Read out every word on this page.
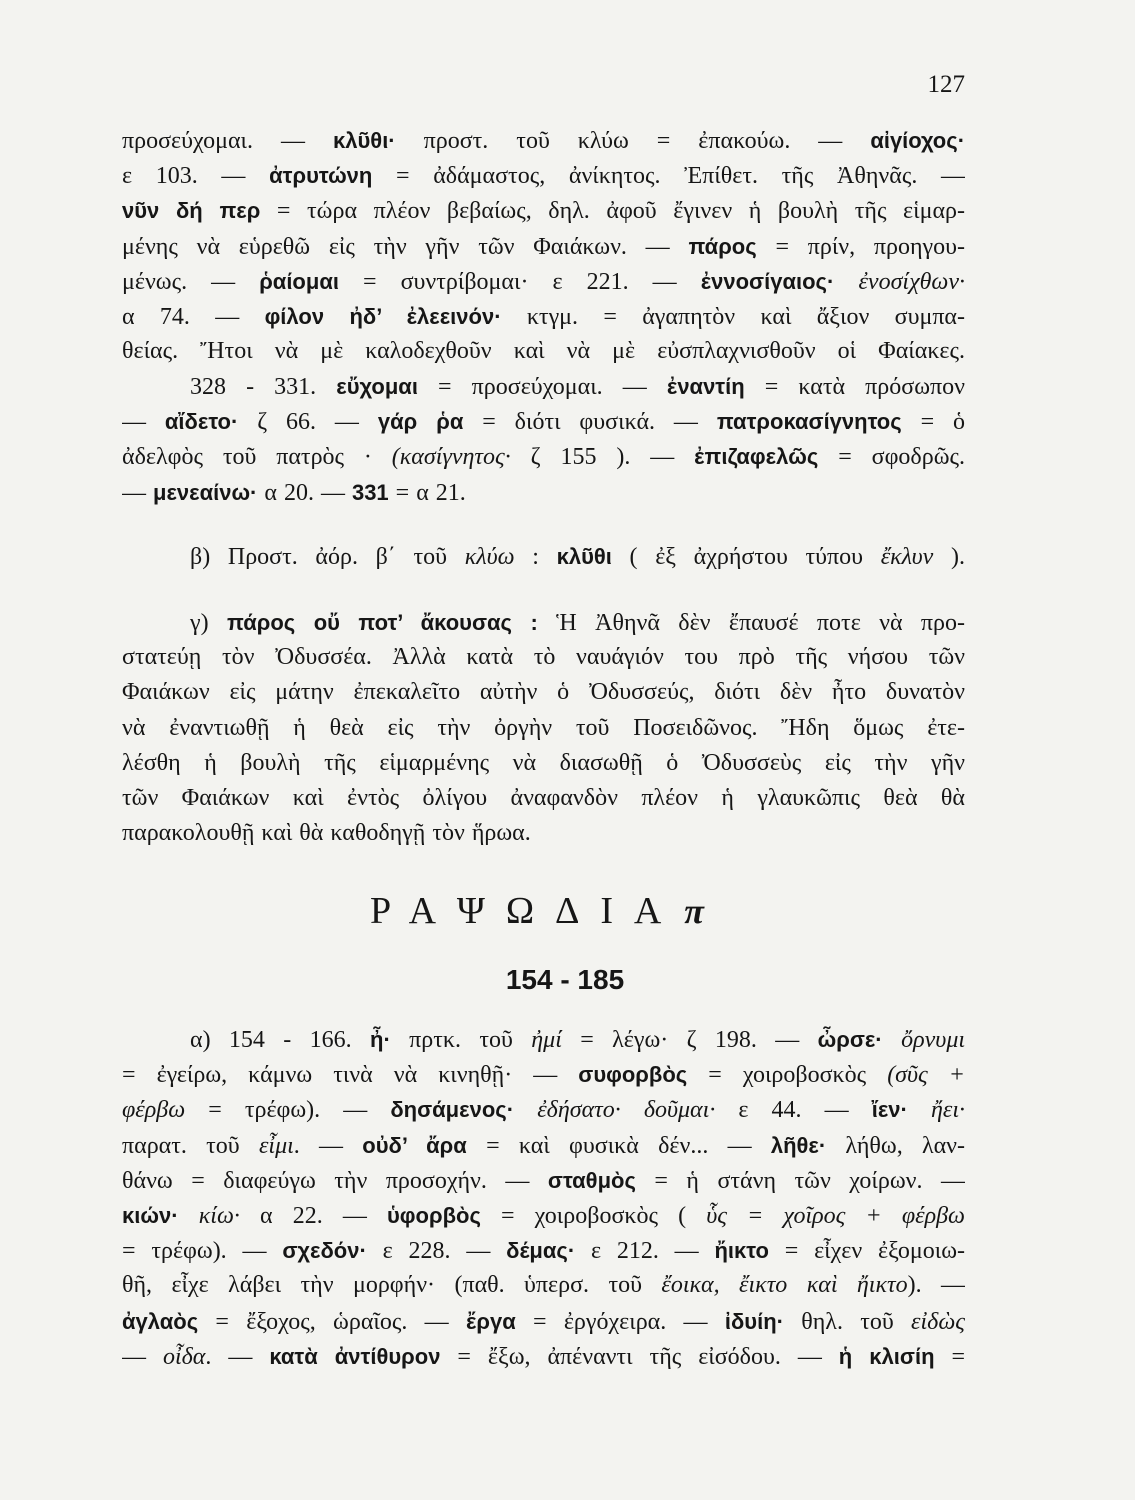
127
προσεύχομαι. — κλῦθι· προστ. τοῦ κλύω = ἐπακούω. — αἰγίοχος·
ε 103. — ἀτρυτώνη = ἀδάμαστος, ἀνίκητος. Ἐπίθετ. τῆς Ἀθηνᾶς. —
νῦν δή περ = τώρα πλέον βεβαίως, δηλ. ἀφοῦ ἔγινεν ἡ βουλὴ τῆς εἱμαρ-
μένης νὰ εὑρεθῶ εἰς τὴν γῆν τῶν Φαιάκων. — πάρος = πρίν, προηγου-
μένως. — ῥαίομαι = συντρίβομαι· ε 221. — ἐννοσίγαιος· ἐνοσίχθων·
α 74. — φίλον ἠδ’ ἐλεεινόν· κτγμ. = ἀγαπητὸν καὶ ἄξιον συμπα-
θείας. Ἤτοι νὰ μὲ καλοδεχθοῦν καὶ νὰ μὲ εὐσπλαχνισθοῦν οἱ Φαίακες.
328 - 331. εὔχομαι = προσεύχομαι. — ἐναντίη = κατὰ πρόσωπον
— αἴδετο· ζ 66. — γάρ ῥα = διότι φυσικά. — πατροκασίγνητος = ὁ
ἀδελφὸς τοῦ πατρὸς · (κασίγνητος· ζ 155 ). — ἐπιζαφελῶς = σφοδρῶς.
— μενεαίνω· α 20. — 331 = α 21.
β) Προστ. ἀόρ. β΄ τοῦ κλύω : κλῦθι ( ἐξ ἀχρήστου τύπου ἔκλυν ).
γ) πάρος οὔ ποτ’ ἄκουσας : Ἡ Ἀθηνᾶ δὲν ἔπαυσέ ποτε νὰ προ-
στατεύῃ τὸν Ὀδυσσέα. Ἀλλὰ κατὰ τὸ ναυάγιόν του πρὸ τῆς νήσου τῶν
Φαιάκων εἰς μάτην ἐπεκαλεῖτο αὐτὴν ὁ Ὀδυσσεύς, διότι δὲν ἦτο δυνατὸν
νὰ ἐναντιωθῇ ἡ θεὰ εἰς τὴν ὀργὴν τοῦ Ποσειδῶνος. Ἤδη ὅμως ἐτε-
λέσθη ἡ βουλὴ τῆς εἱμαρμένης νὰ διασωθῇ ὁ Ὀδυσσεὺς εἰς τὴν γῆν
τῶν Φαιάκων καὶ ἐντὸς ὀλίγου ἀναφανδὸν πλέον ἡ γλαυκῶπις θεὰ θὰ
παρακολουθῇ καὶ θὰ καθοδηγῇ τὸν ἥρωα.
ΡΑΨΩΔΙΑπ
154 - 185
α) 154 - 166. ἦ· πρτκ. τοῦ ἠμί = λέγω· ζ 198. — ὦρσε· ὄρνυμι
= ἐγείρω, κάμνω τινὰ νὰ κινηθῇ· — συφορβὸς = χοιροβοσκὸς (σῦς +
φέρβω = τρέφω). — δησάμενος· ἐδήσατο· δοῦμαι· ε 44. — ἴεν· ἤει·
παρατ. τοῦ εἶμι. — οὐδ’ ἄρα = καὶ φυσικὰ δέν... — λῆθε· λήθω, λαν-
θάνω = διαφεύγω τὴν προσοχήν. — σταθμὸς = ἡ στάνη τῶν χοίρων. —
κιών· κίω· α 22. — ὑφορβὸς = χοιροβοσκὸς ( ὗς = χοῖρος + φέρβω
= τρέφω). — σχεδόν· ε 228. — δέμας· ε 212. — ἤικτο = εἶχεν ἐξομοιω-
θῆ, εἶχε λάβει τὴν μορφήν· (παθ. ὑπερσ. τοῦ ἔοικα, ἔικτο καὶ ἤικτο). —
ἀγλαὸς = ἔξοχος, ὡραῖος. — ἔργα = ἐργόχειρα. — ἰδυίη· θηλ. τοῦ εἰδὼς
— οἶδα. — κατὰ ἀντίθυρον = ἔξω, ἀπέναντι τῆς εἰσόδου. — ἡ κλισίη =
